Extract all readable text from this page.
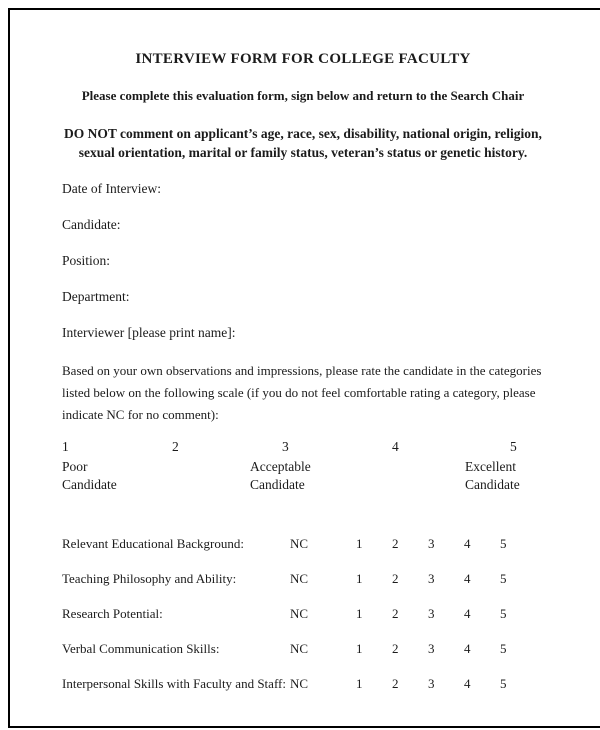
INTERVIEW FORM FOR COLLEGE FACULTY

Please complete this evaluation form, sign below and return to the Search Chair

DO NOT comment on applicant’s age, race, sex, disability, national origin, religion, sexual orientation, marital or family status, veteran’s status or genetic history.

Date of Interview:
Candidate:
Position:
Department:
Interviewer [please print name]:

Based on your own observations and impressions, please rate the candidate in the categories listed below on the following scale (if you do not feel comfortable rating a category, please indicate NC for no comment):

1	2	3	4	5
Poor
Candidate
Acceptable
Candidate
Excellent
Candidate
Relevant Educational Background:	NC	1	2	3	4	5
Teaching Philosophy and Ability:	NC	1	2	3	4	5
Research Potential:	NC	1	2	3	4	5
Verbal Communication Skills:	NC	1	2	3	4	5
Interpersonal Skills with Faculty and Staff: NC	1	2	3	4	5
